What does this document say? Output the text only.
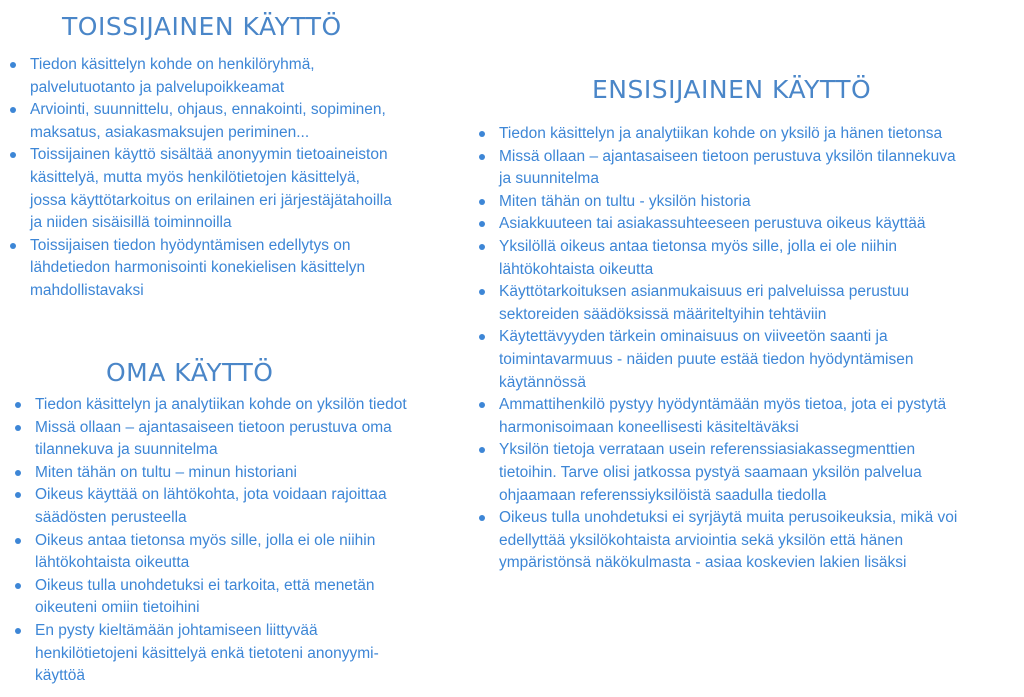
TOISSIJAINEN KÄYTTÖ
Tiedon käsittelyn kohde on henkilöryhmä,
palvelutuotanto ja palvelupoikkeamat
Arviointi, suunnittelu, ohjaus, ennakointi, sopiminen,
maksatus, asiakasmaksujen periminen...
Toissijainen käyttö sisältää anonyymin tietoaineiston
käsittelyä, mutta myös henkilötietojen käsittelyä,
jossa käyttötarkoitus on erilainen eri järjestäjätahoilla
ja niiden sisäisillä toiminnoilla
Toissijaisen tiedon hyödyntämisen edellytys on
lähdetiedon harmonisointi konekielisen käsittelyn
mahdollistavaksi
OMA KÄYTTÖ
Tiedon käsittelyn ja analytiikan kohde on yksilön tiedot
Missä ollaan – ajantasaiseen tietoon perustuva oma
tilannekuva ja suunnitelma
Miten tähän on tultu – minun historiani
Oikeus käyttää on lähtökohta, jota voidaan rajoittaa
säädösten perusteella
Oikeus antaa tietonsa myös sille, jolla ei ole niihin
lähtökohtaista oikeutta
Oikeus tulla unohdetuksi ei tarkoita, että menetän
oikeuteni omiin tietoihini
En pysty kieltämään johtamiseen liittyvää
henkilötietojeni käsittelyä enkä tietoteni anonyymi-
käyttöä
ENSISIJAINEN KÄYTTÖ
Tiedon käsittelyn ja analytiikan kohde on yksilö ja hänen tietonsa
Missä ollaan – ajantasaiseen tietoon perustuva yksilön tilannekuva
ja suunnitelma
Miten tähän on tultu - yksilön historia
Asiakkuuteen tai asiakassuhteeseen perustuva oikeus käyttää
Yksilöllä oikeus antaa tietonsa myös sille, jolla ei ole niihin
lähtökohtaista oikeutta
Käyttötarkoituksen asianmukaisuus eri palveluissa perustuu
sektoreiden säädöksissä määriteltyihin tehtäviin
Käytettävyyden tärkein ominaisuus on viiveetön saanti ja
toimintavarmuus - näiden puute estää tiedon hyödyntämisen
käytännössä
Ammattihenkilö pystyy hyödyntämään myös tietoa, jota ei pystytä
harmonisoimaan koneellisesti käsiteltäväksi
Yksilön tietoja verrataan usein referenssiasiakassegmenttien
tietoihin. Tarve olisi jatkossa pystyä saamaan yksilön palvelua
ohjaamaan referenssiyksilöistä saadulla tiedolla
Oikeus tulla unohdetuksi ei syrjäytä muita perusoikeuksia, mikä voi
edellyttää yksilökohtaista arviointia sekä yksilön että hänen
ympäristönsä näkökulmasta - asiaa koskevien lakien lisäksi
